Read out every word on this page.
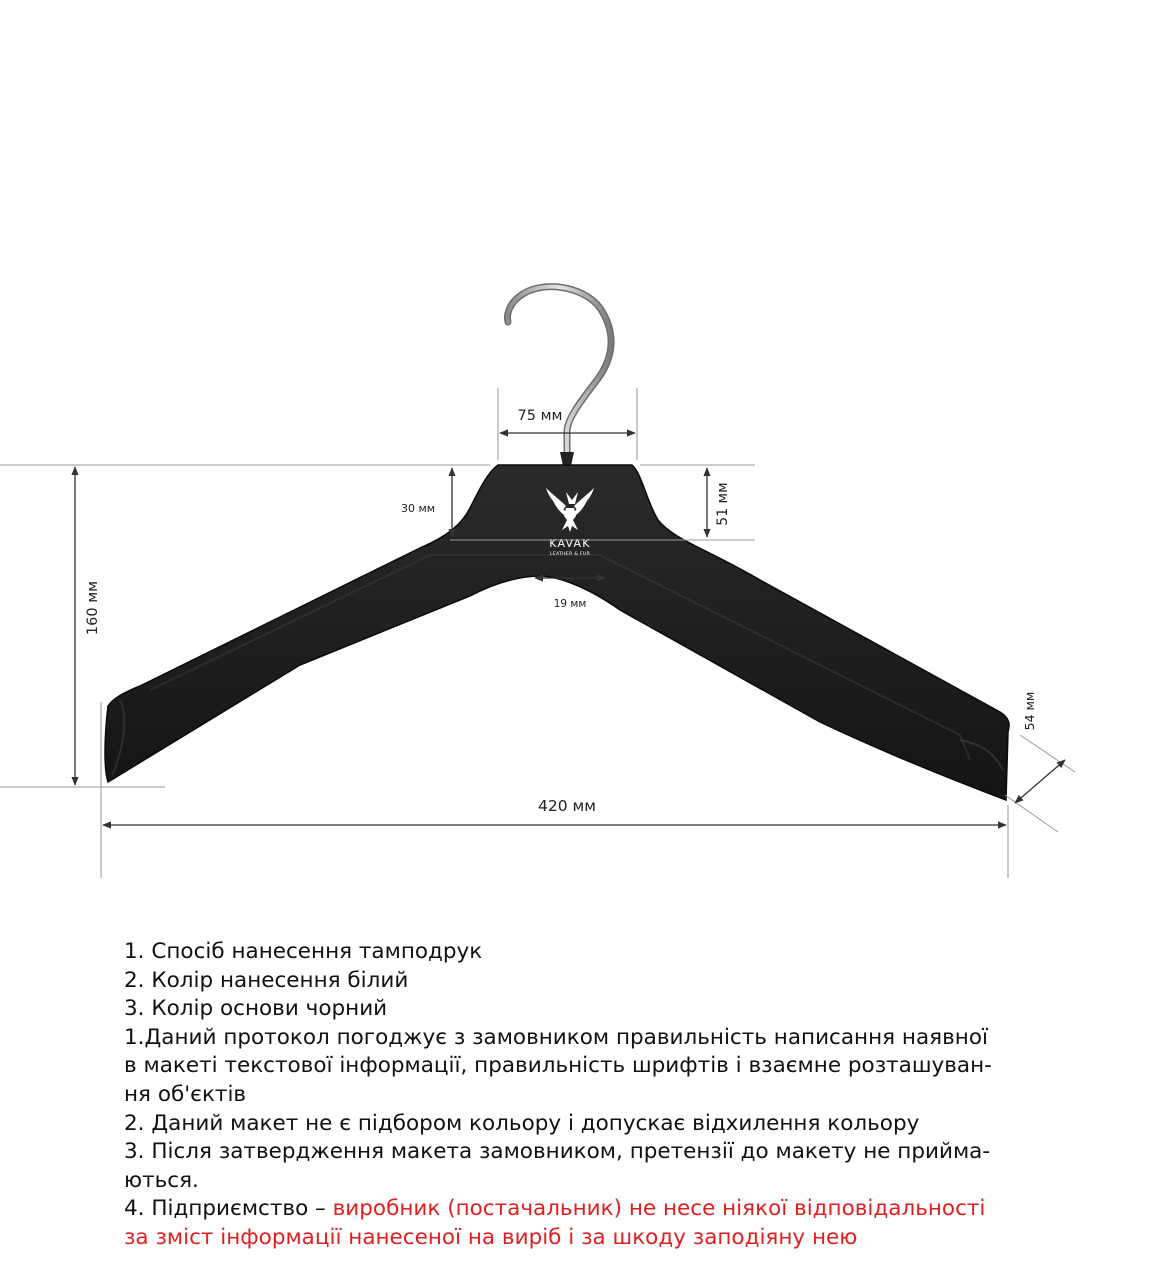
KAVAK
LEATHER & FUR
75 мм
30 мм	51 мм
19 мм
160 мм
420 мм
54 мм
1. Спосіб нанесення тамподрук
2. Колір нанесення білий
3. Колір основи чорний
1.Даний протокол погоджує з замовником правильність написання наявної
в макеті текстової інформації, правильність шрифтів і взаємне розташуван-
ня об'єктів
2. Даний макет не є підбором кольору і допускає відхилення кольору
3. Після затвердження макета замовником, претензії до макету не прийма-
ються.
4. Підприємство – виробник (постачальник) не несе ніякої відповідальності
за зміст інформації нанесеної на виріб і за шкоду заподіяну нею
